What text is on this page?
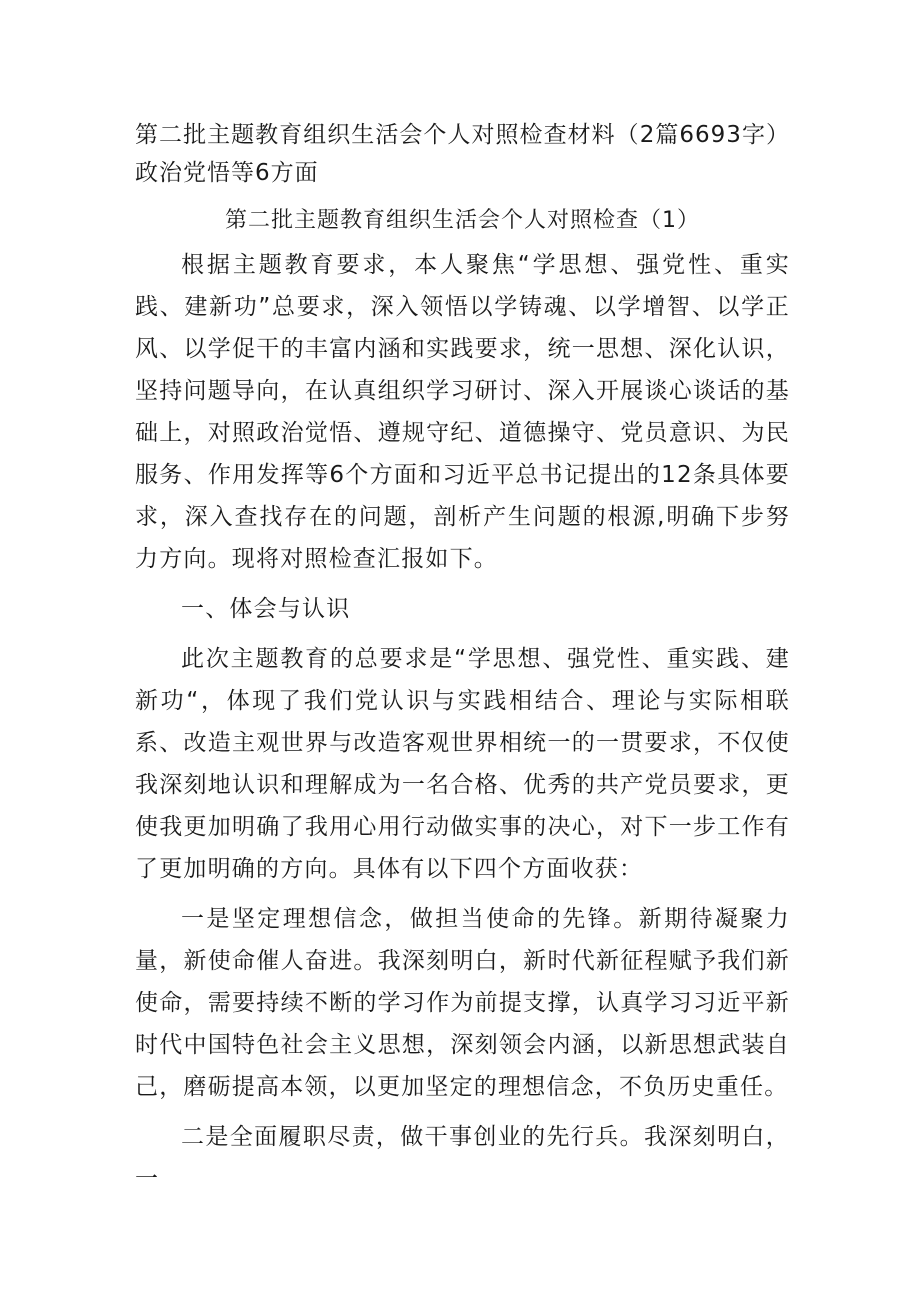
第二批主题教育组织生活会个人对照检查材料（2篇6693字）政治党悟等6方面
第二批主题教育组织生活会个人对照检查（1）

根据主题教育要求，本人聚焦“学思想、强党性、重实践、建新功”总要求，深入领悟以学铸魂、以学增智、以学正风、以学促干的丰富内涵和实践要求，统一思想、深化认识，坚持问题导向，在认真组织学习研讨、深入开展谈心谈话的基础上，对照政治觉悟、遵规守纪、道德操守、党员意识、为民服务、作用发挥等6个方面和习近平总书记提出的12条具体要求，深入查找存在的问题，剖析产生问题的根源,明确下步努力方向。现将对照检查汇报如下。

一、体会与认识

此次主题教育的总要求是“学思想、强党性、重实践、建新功“，体现了我们党认识与实践相结合、理论与实际相联系、改造主观世界与改造客观世界相统一的一贯要求，不仅使我深刻地认识和理解成为一名合格、优秀的共产党员要求，更使我更加明确了我用心用行动做实事的决心，对下一步工作有了更加明确的方向。具体有以下四个方面收获：

一是坚定理想信念，做担当使命的先锋。新期待凝聚力量，新使命催人奋进。我深刻明白，新时代新征程赋予我们新使命，需要持续不断的学习作为前提支撑，认真学习习近平新时代中国特色社会主义思想，深刻领会内涵，以新思想武装自己，磨砺提高本领，以更加坚定的理想信念，不负历史重任。

二是全面履职尽责，做干事创业的先行兵。我深刻明白，一
